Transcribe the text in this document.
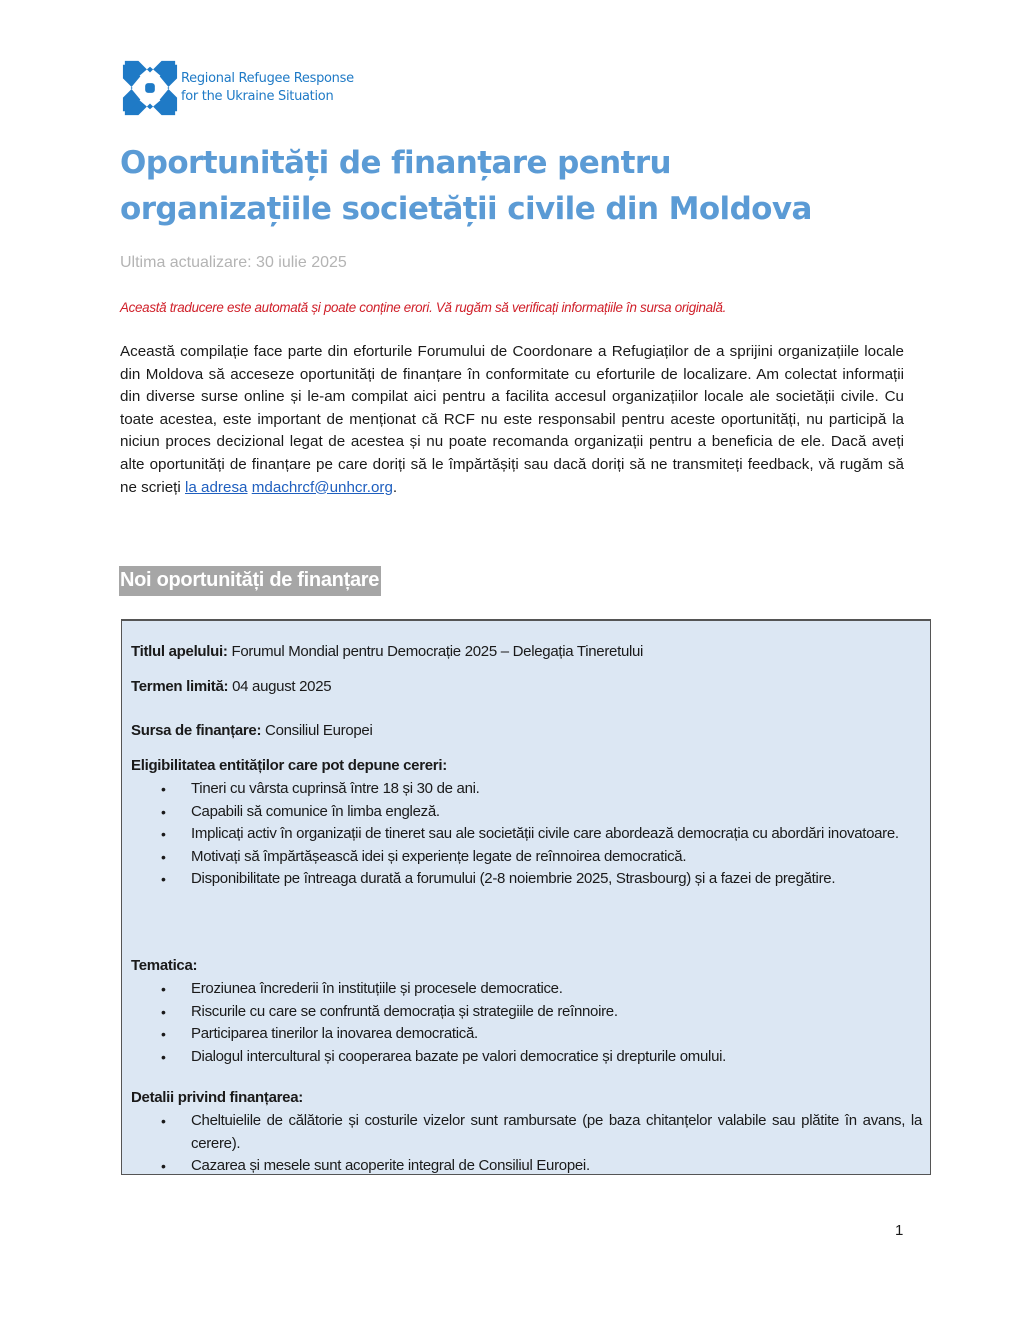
Regional Refugee Response
for the Ukraine Situation
Oportunități de finanțare pentru organizațiile societății civile din Moldova
Ultima actualizare: 30 iulie 2025
Această traducere este automată și poate conține erori. Vă rugăm să verificați informațiile în sursa originală.

Această compilație face parte din eforturile Forumului de Coordonare a Refugiaților de a sprijini organizațiile locale din Moldova să acceseze oportunități de finanțare în conformitate cu eforturile de localizare. Am colectat informații din diverse surse online și le-am compilat aici pentru a facilita accesul organizațiilor locale ale societății civile. Cu toate acestea, este important de menționat că RCF nu este responsabil pentru aceste oportunități, nu participă la niciun proces decizional legat de acestea și nu poate recomanda organizații pentru a beneficia de ele. Dacă aveți alte oportunități de finanțare pe care doriți să le împărtășiți sau dacă doriți să ne transmiteți feedback, vă rugăm să ne scrieți la adresa mdachrcf@unhcr.org.

Noi oportunități de finanțare
Titlul apelului: Forumul Mondial pentru Democrație 2025 – Delegația Tineretului
Termen limită: 04 august 2025
Sursa de finanțare: Consiliul Europei
Eligibilitatea entităților care pot depune cereri:
• Tineri cu vârsta cuprinsă între 18 și 30 de ani.
• Capabili să comunice în limba engleză.
• Implicați activ în organizații de tineret sau ale societății civile care abordează democrația cu abordări inovatoare.
• Motivați să împărtășească idei și experiențe legate de reînnoirea democratică.
• Disponibilitate pe întreaga durată a forumului (2-8 noiembrie 2025, Strasbourg) și a fazei de pregătire.
Tematica:
• Eroziunea încrederii în instituțiile și procesele democratice.
• Riscurile cu care se confruntă democrația și strategiile de reînnoire.
• Participarea tinerilor la inovarea democratică.
• Dialogul intercultural și cooperarea bazate pe valori democratice și drepturile omului.
Detalii privind finanțarea:
• Cheltuielile de călătorie și costurile vizelor sunt rambursate (pe baza chitanțelor valabile sau plătite în avans, la cerere).
• Cazarea și mesele sunt acoperite integral de Consiliul Europei.
1
